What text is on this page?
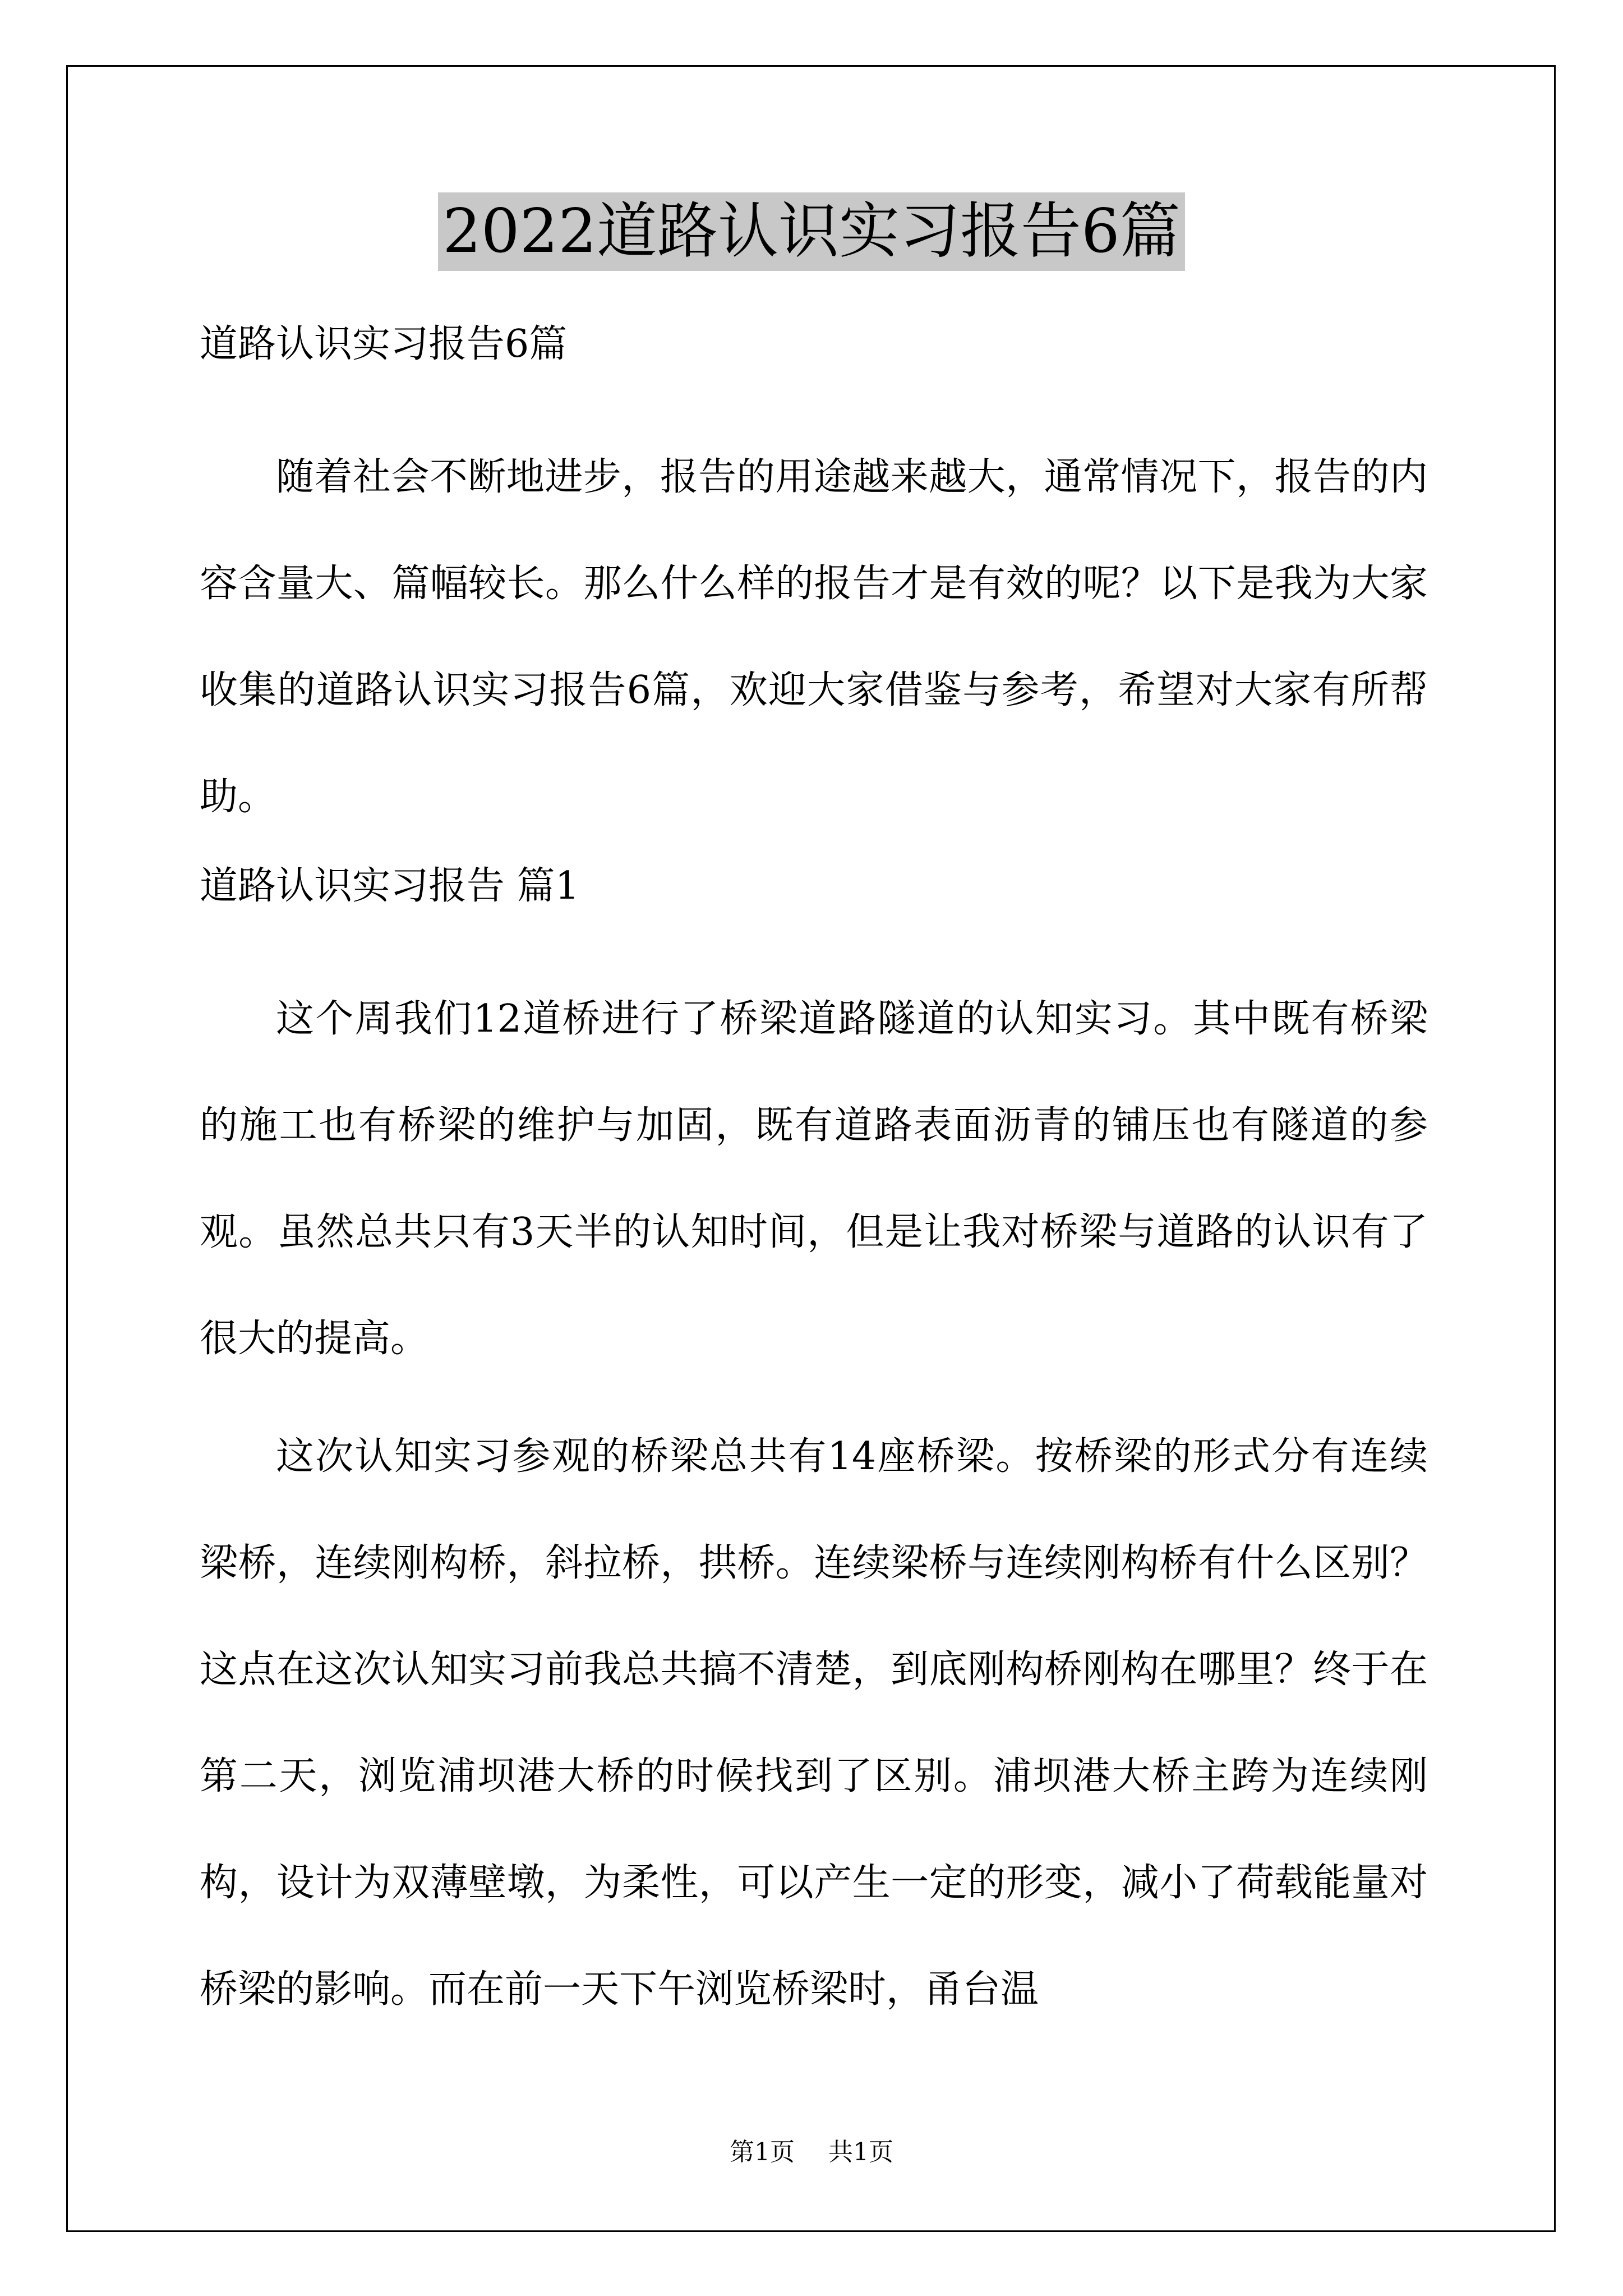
2022道路认识实习报告6篇
道路认识实习报告6篇

随着社会不断地进步，报告的用途越来越大，通常情况下，报告的内容含量大、篇幅较长。那么什么样的报告才是有效的呢？以下是我为大家收集的道路认识实习报告6篇，欢迎大家借鉴与参考，希望对大家有所帮助。

道路认识实习报告 篇1

这个周我们12道桥进行了桥梁道路隧道的认知实习。其中既有桥梁的施工也有桥梁的维护与加固，既有道路表面沥青的铺压也有隧道的参观。虽然总共只有3天半的认知时间，但是让我对桥梁与道路的认识有了很大的提高。

这次认知实习参观的桥梁总共有14座桥梁。按桥梁的形式分有连续梁桥，连续刚构桥，斜拉桥，拱桥。连续梁桥与连续刚构桥有什么区别？这点在这次认知实习前我总共搞不清楚，到底刚构桥刚构在哪里？终于在第二天，浏览浦坝港大桥的时候找到了区别。浦坝港大桥主跨为连续刚构，设计为双薄壁墩，为柔性，可以产生一定的形变，减小了荷载能量对桥梁的影响。而在前一天下午浏览桥梁时，甬台温

第1页 共1页
